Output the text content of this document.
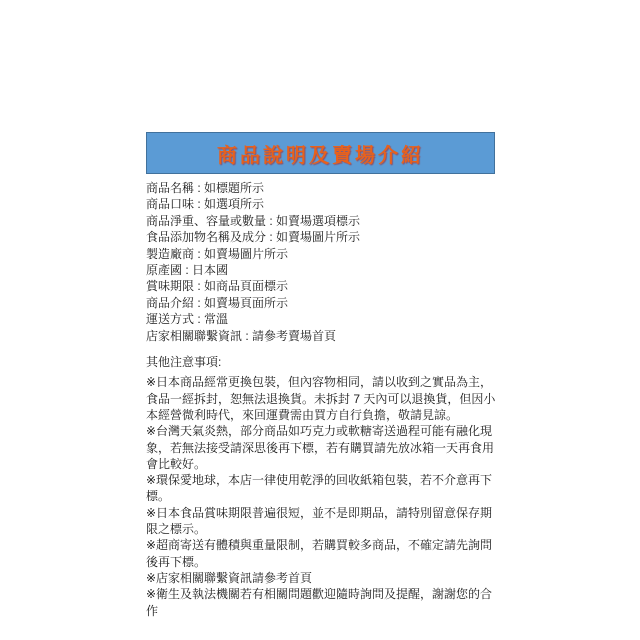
商品說明及賣場介紹
商品名稱 : 如標題所示
商品口味 : 如選項所示
商品淨重、容量或數量 : 如賣場選項標示
食品添加物名稱及成分 : 如賣場圖片所示
製造廠商 : 如賣場圖片所示
原產國 : 日本國
賞味期限 : 如商品頁面標示
商品介紹 : 如賣場頁面所示
運送方式 : 常溫
店家相關聯繫資訊 : 請參考賣場首頁
其他注意事項:

※日本商品經常更換包裝，但內容物相同，請以收到之實品為主，食品一經拆封，恕無法退換貨。未拆封 7 天內可以退換貨，但因小本經營微利時代，來回運費需由買方自行負擔，敬請見諒。

※台灣天氣炎熱，部分商品如巧克力或軟糖寄送過程可能有融化現象，若無法接受請深思後再下標，若有購買請先放冰箱一天再食用會比較好。

※環保愛地球，本店一律使用乾淨的回收紙箱包裝，若不介意再下標。

※日本食品賞味期限普遍很短，並不是即期品，請特別留意保存期限之標示。

※超商寄送有體積與重量限制，若購買較多商品，不確定請先詢問後再下標。

※店家相關聯繫資訊請參考首頁

※衛生及執法機關若有相關問題歡迎隨時詢問及提醒，謝謝您的合作
